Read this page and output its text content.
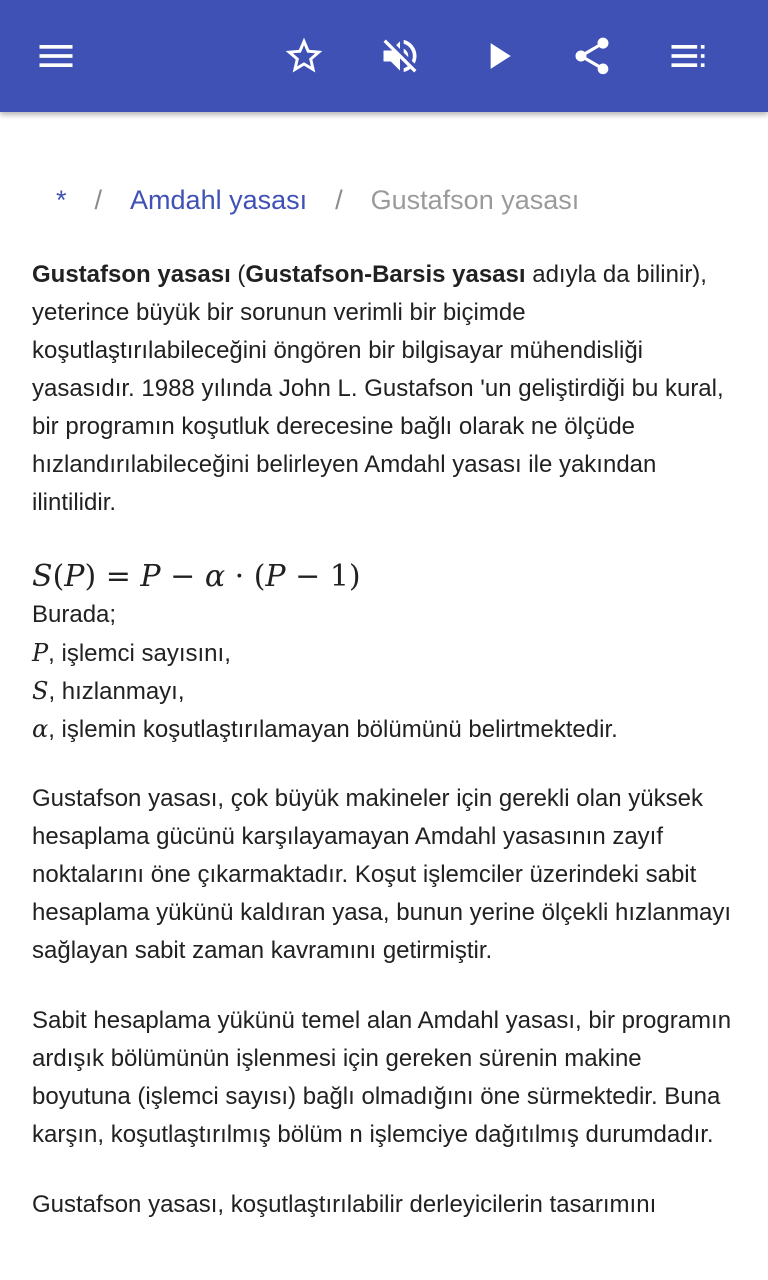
* / Amdahl yasası / Gustafson yasası

Gustafson yasası (Gustafson-Barsis yasası adıyla da bilinir), yeterince büyük bir sorunun verimli bir biçimde koşutlaştırılabileceğini öngören bir bilgisayar mühendisliği yasasıdır. 1988 yılında John L. Gustafson 'un geliştirdiği bu kural, bir programın koşutluk derecesine bağlı olarak ne ölçüde hızlandırılabileceğini belirleyen Amdahl yasası ile yakından ilintilidir.

S(P) = P − α · (P − 1)
Burada;
P, işlemci sayısını,
S, hızlanmayı,
α, işlemin koşutlaştırılamayan bölümünü belirtmektedir.

Gustafson yasası, çok büyük makineler için gerekli olan yüksek hesaplama gücünü karşılayamayan Amdahl yasasının zayıf noktalarını öne çıkarmaktadır. Koşut işlemciler üzerindeki sabit hesaplama yükünü kaldıran yasa, bunun yerine ölçekli hızlanmayı sağlayan sabit zaman kavramını getirmiştir.

Sabit hesaplama yükünü temel alan Amdahl yasası, bir programın ardışık bölümünün işlenmesi için gereken sürenin makine boyutuna (işlemci sayısı) bağlı olmadığını öne sürmektedir. Buna karşın, koşutlaştırılmış bölüm n işlemciye dağıtılmış durumdadır.

Gustafson yasası, koşutlaştırılabilir derleyicilerin tasarımını
